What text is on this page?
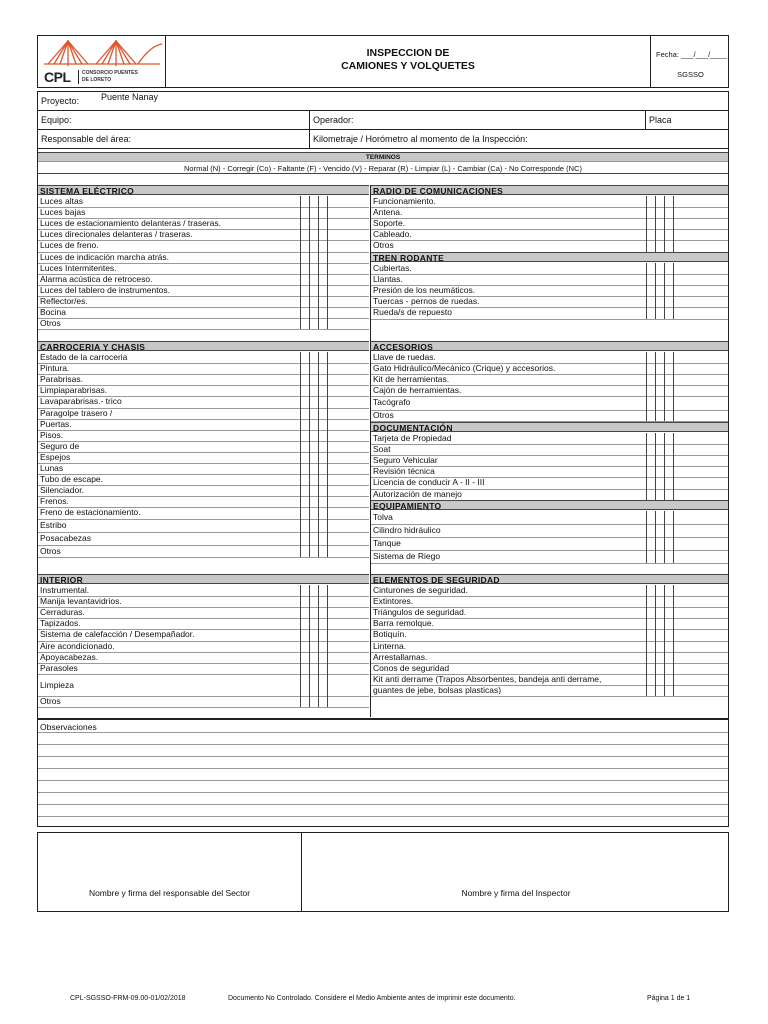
CPL CONSORCIO PUENTES
DE LORETO
INSPECCION DE
CAMIONES Y VOLQUETES
Fecha: ___/___/____
SGSSO
Proyecto:	Puente Nanay
Equipo:	Operador:	Placa
Responsable del área:	Kilometraje / Horómetro al momento de la Inspección:
TERMINOS
Normal (N) - Corregir (Co) - Faltante (F) - Vencido (V) - Reparar (R) - Limpiar (L) - Cambiar (Ca) - No Corresponde (NC)
SISTEMA ELÉCTRICO
Luces altas
Luces bajas
Luces de estacionamiento delanteras / traseras.
Luces direcionales delanteras / traseras.
Luces de freno.
Luces de indicación marcha atrás.
Luces Intermitentes.
Alarma acústica de retroceso.
Luces del tablero de instrumentos.
Reflector/es.
Bocina
Otros
CARROCERIA Y CHASIS
Estado de la carroceria
Pintura.
Parabrisas.
Limpiaparabrisas.
Lavaparabrisas.- trico
Paragolpe trasero /
Puertas.
Pisos.
Seguro de
Espejos
Lunas
Tubo de escape.
Silenciador.
Frenos.
Freno de estacionamiento.
Estribo
Posacabezas
Otros
INTERIOR
Instrumental.
Manija levantavidrios.
Cerraduras.
Tapizados.
Sistema de calefacción / Desempañador.
Aire acondicionado.
Apoyacabezas.
Parasoles
Limpieza
Otros
RADIO DE COMUNICACIONES
Funcionamiento.
Antena.
Soporte.
Cableado.
Otros
TREN RODANTE
Cubiertas.
Llantas.
Presión de los neumáticos.
Tuercas - pernos de ruedas.
Rueda/s de repuesto
ACCESORIOS
Llave de ruedas.
Gato Hidráulico/Mecánico (Crique) y accesorios.
Kit de herramientas.
Cajón de herramientas.
Tacógrafo
Otros
DOCUMENTACIÓN
Tarjeta de Propiedad
Soat
Seguro Vehicular
Revisión técnica
Licencia de conducir A - II - III
Autorización de manejo
EQUIPAMIENTO
Tolva
Cilindro hidráulico
Tanque
Sistema de Riego
ELEMENTOS DE SEGURIDAD
Cinturones de seguridad.
Extintores.
Triángulos de seguridad.
Barra remolque.
Botiquín.
Linterna.
Arrestallamas.
Conos de seguridad
Kit anti derrame (Trapos Absorbentes, bandeja anti derrame,
guantes de jebe, bolsas plasticas)
Observaciones
Nombre y firma del responsable del Sector	Nombre y firma del Inspector
CPL-SGSSO-FRM-09.00-01/02/2018	Documento No Controlado. Considere el Medio Ambiente antes de imprimir este documento.	Página 1 de 1
